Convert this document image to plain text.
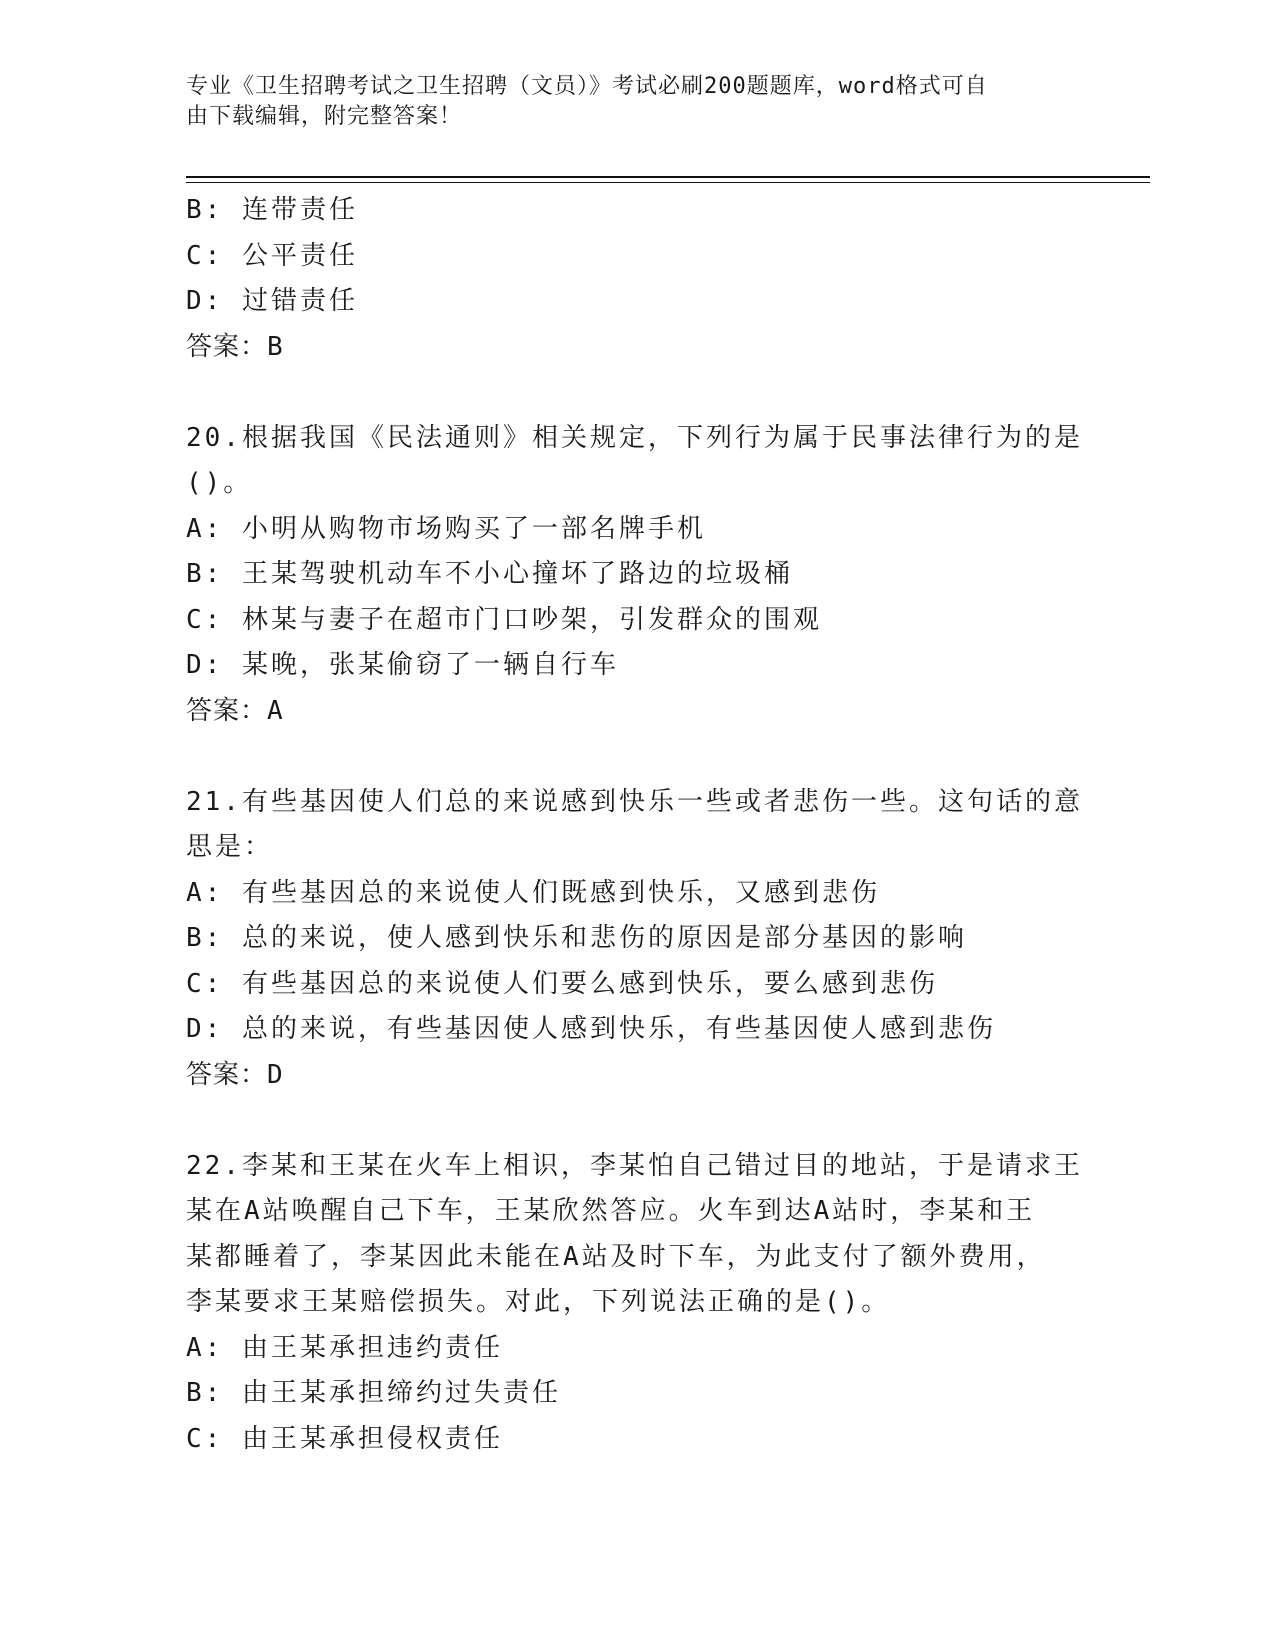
专业《卫生招聘考试之卫生招聘（文员）》考试必刷200题题库，word格式可自
由下载编辑，附完整答案！
B: 连带责任
C: 公平责任
D: 过错责任
答案：B
20.根据我国《民法通则》相关规定，下列行为属于民事法律行为的是
()。
A: 小明从购物市场购买了一部名牌手机
B: 王某驾驶机动车不小心撞坏了路边的垃圾桶
C: 林某与妻子在超市门口吵架，引发群众的围观
D: 某晚，张某偷窃了一辆自行车
答案：A
21.有些基因使人们总的来说感到快乐一些或者悲伤一些。这句话的意
思是：
A: 有些基因总的来说使人们既感到快乐，又感到悲伤
B: 总的来说，使人感到快乐和悲伤的原因是部分基因的影响
C: 有些基因总的来说使人们要么感到快乐，要么感到悲伤
D: 总的来说，有些基因使人感到快乐，有些基因使人感到悲伤
答案：D
22.李某和王某在火车上相识，李某怕自己错过目的地站，于是请求王
某在A站唤醒自己下车，王某欣然答应。火车到达A站时，李某和王
某都睡着了，李某因此未能在A站及时下车，为此支付了额外费用，
李某要求王某赔偿损失。对此，下列说法正确的是()。
A: 由王某承担违约责任
B: 由王某承担缔约过失责任
C: 由王某承担侵权责任
